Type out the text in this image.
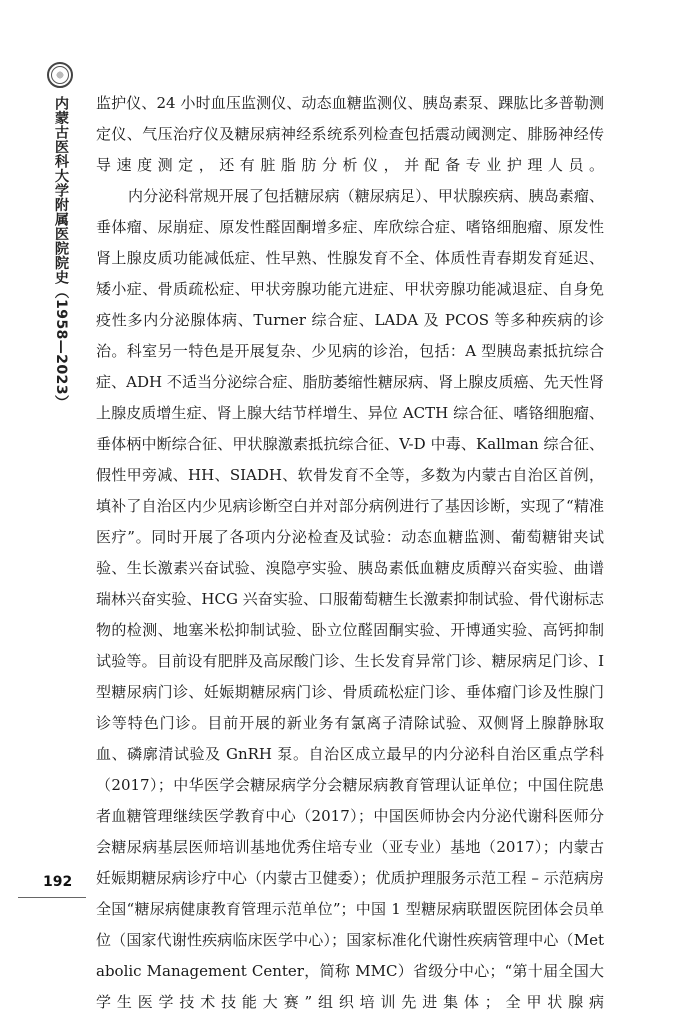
内蒙古医科大学附属医院院史（1958—2023）
192

监护仪、24 小时血压监测仪、动态血糖监测仪、胰岛素泵、踝肱比多普勒测定仪、气压治疗仪及糖尿病神经系统系列检查包括震动阈测定、腓肠神经传导速度测定，还有脏脂肪分析仪，并配备专业护理人员。

内分泌科常规开展了包括糖尿病（糖尿病足）、甲状腺疾病、胰岛素瘤、垂体瘤、尿崩症、原发性醛固酮增多症、库欣综合症、嗜铬细胞瘤、原发性肾上腺皮质功能减低症、性早熟、性腺发育不全、体质性青春期发育延迟、矮小症、骨质疏松症、甲状旁腺功能亢进症、甲状旁腺功能减退症、自身免疫性多内分泌腺体病、Turner 综合症、LADA 及 PCOS 等多种疾病的诊治。科室另一特色是开展复杂、少见病的诊治，包括：A 型胰岛素抵抗综合症、ADH 不适当分泌综合症、脂肪萎缩性糖尿病、肾上腺皮质癌、先天性肾上腺皮质增生症、肾上腺大结节样增生、异位 ACTH 综合征、嗜铬细胞瘤、垂体柄中断综合征、甲状腺激素抵抗综合征、V-D 中毒、Kallman 综合征、假性甲旁减、HH、SIADH、软骨发育不全等，多数为内蒙古自治区首例，填补了自治区内少见病诊断空白并对部分病例进行了基因诊断，实现了“精准医疗”。同时开展了各项内分泌检查及试验：动态血糖监测、葡萄糖钳夹试验、生长激素兴奋试验、溴隐亭实验、胰岛素低血糖皮质醇兴奋实验、曲谱瑞林兴奋实验、HCG 兴奋实验、口服葡萄糖生长激素抑制试验、骨代谢标志物的检测、地塞米松抑制试验、卧立位醛固酮实验、开博通实验、高钙抑制试验等。目前设有肥胖及高尿酸门诊、生长发育异常门诊、糖尿病足门诊、Ⅰ型糖尿病门诊、妊娠期糖尿病门诊、骨质疏松症门诊、垂体瘤门诊及性腺门诊等特色门诊。目前开展的新业务有氯离子清除试验、双侧肾上腺静脉取血、磷廓清试验及 GnRH 泵。自治区成立最早的内分泌科自治区重点学科（2017）；中华医学会糖尿病学分会糖尿病教育管理认证单位；中国住院患者血糖管理继续医学教育中心（2017）；中国医师协会内分泌代谢科医师分会糖尿病基层医师培训基地优秀住培专业（亚专业）基地（2017）；内蒙古妊娠期糖尿病诊疗中心（内蒙古卫健委）；优质护理服务示范工程 – 示范病房全国“糖尿病健康教育管理示范单位”；中国 1 型糖尿病联盟医院团体会员单位（国家代谢性疾病临床医学中心）；国家标准化代谢性疾病管理中心（Metabolic Management Center，简称 MMC）省级分中心；“第十届全国大学生医学技术技能大赛”组织培训先进集体；全甲状腺病
